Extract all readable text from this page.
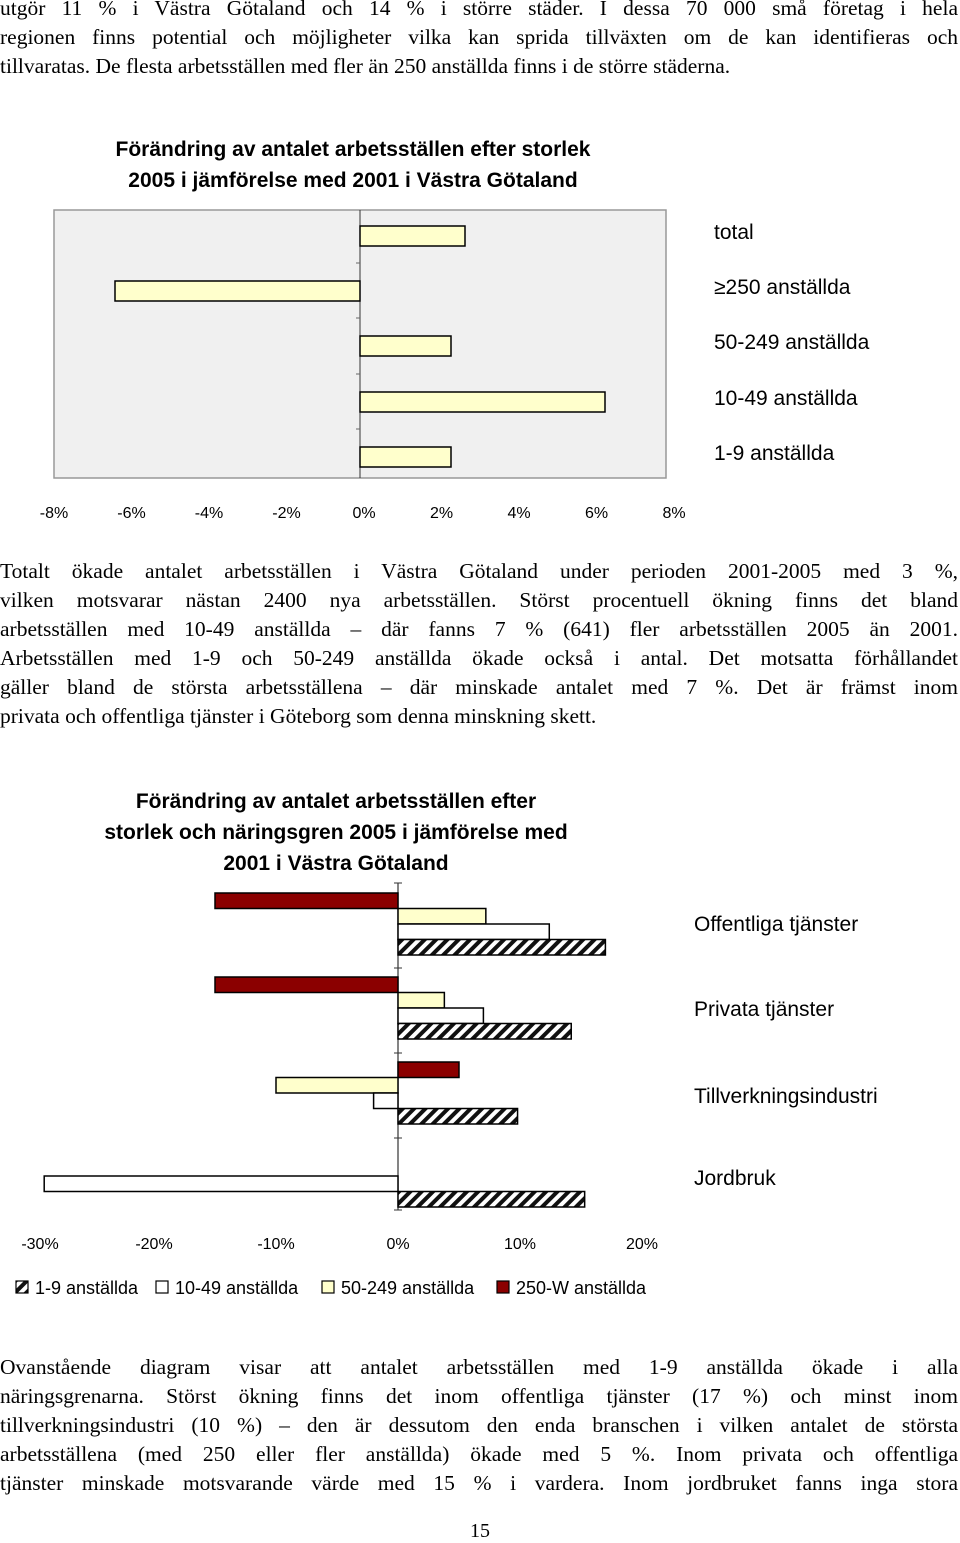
utgör 11 % i Västra Götaland och 14 % i större städer. I dessa 70 000 små företag i hela
regionen finns potential och möjligheter vilka kan sprida tillväxten om de kan identifieras och
tillvaratas. De flesta arbetsställen med fler än 250 anställda finns i de större städerna.
Förändring av antalet arbetsställen efter storlek
2005 i jämförelse med 2001 i Västra Götaland
total
≥250 anställda
50-249 anställda
10-49 anställda
1-9 anställda
-8%	-6%	-4%	-2%	0%	2%	4%	6%	8%
Totalt ökade antalet arbetsställen i Västra Götaland under perioden 2001-2005 med 3 %,
vilken motsvarar nästan 2400 nya arbetsställen. Störst procentuell ökning finns det bland
arbetsställen med 10-49 anställda – där fanns 7 % (641) fler arbetsställen 2005 än 2001.
Arbetsställen med 1-9 och 50-249 anställda ökade också i antal. Det motsatta förhållandet
gäller bland de största arbetsställena – där minskade antalet med 7 %. Det är främst inom
privata och offentliga tjänster i Göteborg som denna minskning skett.
Förändring av antalet arbetsställen efter
storlek och näringsgren 2005 i jämförelse med
2001 i Västra Götaland
Offentliga tjänster
Privata tjänster
Tillverkningsindustri
Jordbruk
-30%	-20%	-10%	0%	10%	20%
1-9 anställda 10-49 anställda 50-249 anställda 250-W anställda
Ovanstående diagram visar att antalet arbetsställen med 1-9 anställda ökade i alla
näringsgrenarna. Störst ökning finns det inom offentliga tjänster (17 %) och minst inom
tillverkningsindustri (10 %) – den är dessutom den enda branschen i vilken antalet de största
arbetsställena (med 250 eller fler anställda) ökade med 5 %. Inom privata och offentliga
tjänster minskade motsvarande värde med 15 % i vardera. Inom jordbruket fanns inga stora
15
